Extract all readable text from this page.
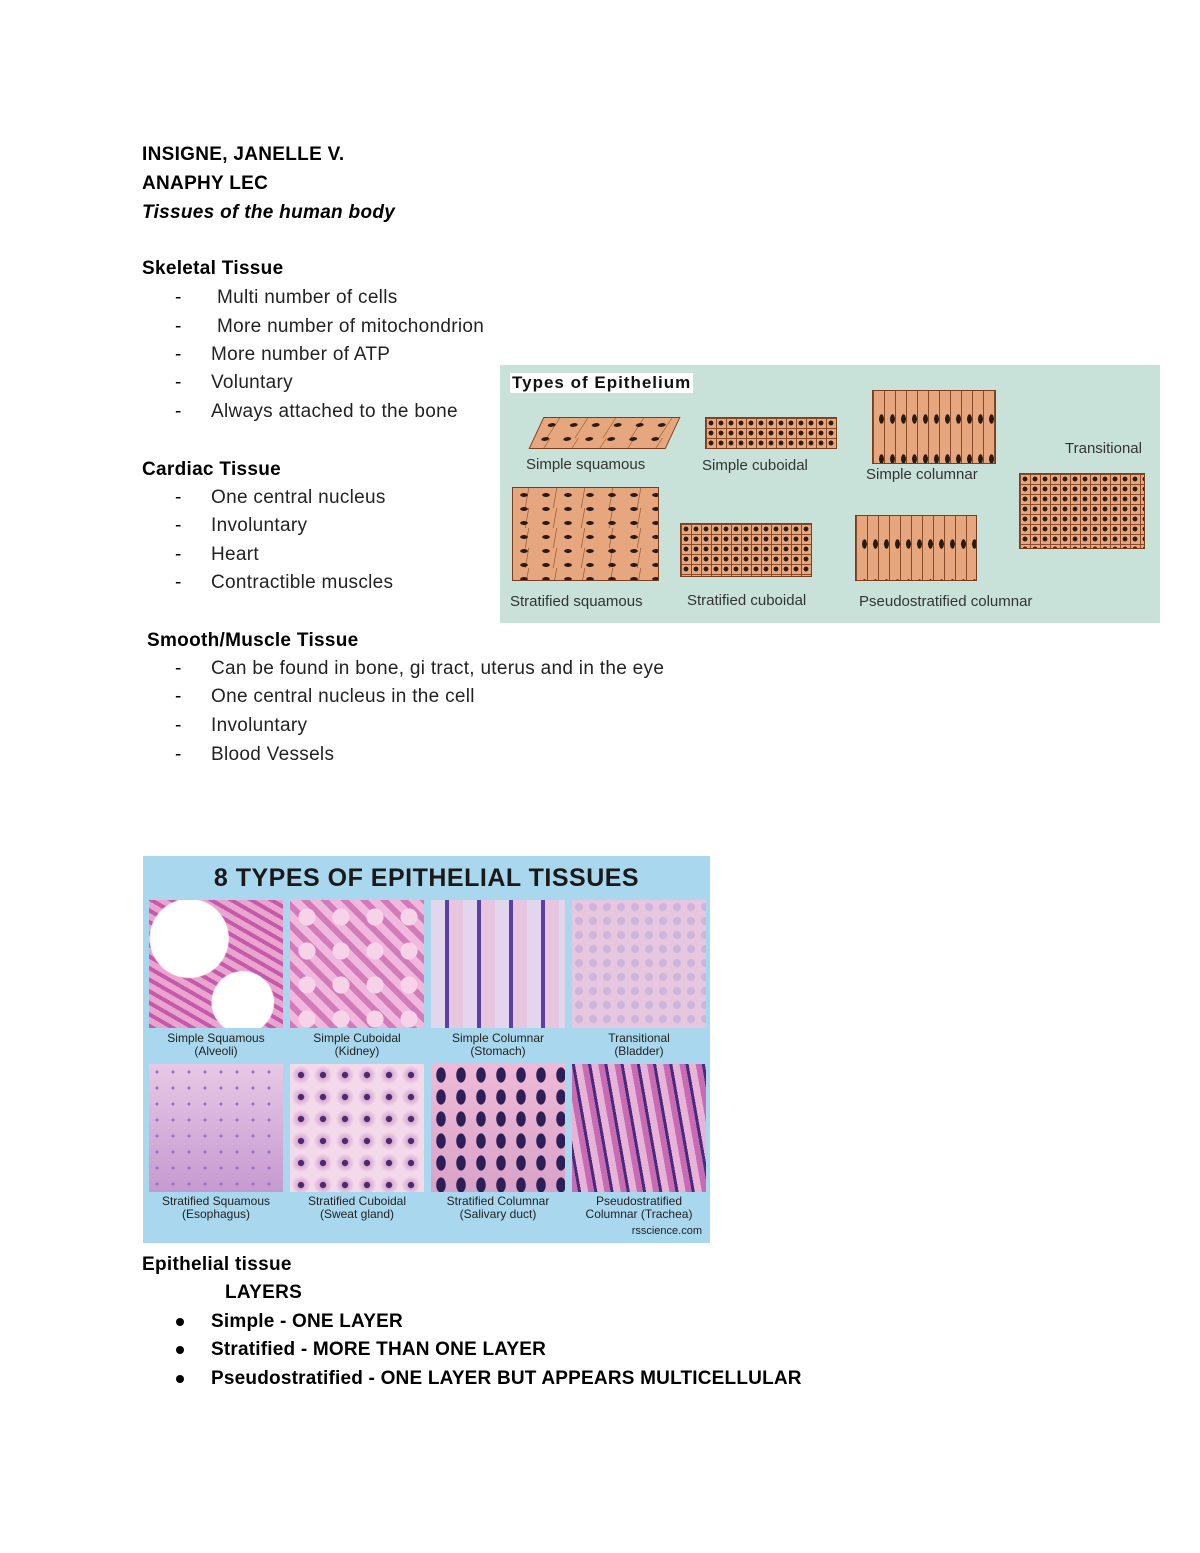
INSIGNE, JANELLE V.
ANAPHY LEC
Tissues of the human body
Skeletal Tissue
- Multi number of cells
- More number of mitochondrion
- More number of ATP
- Voluntary
- Always attached to the bone
Cardiac Tissue
- One central nucleus
- Involuntary
- Heart
- Contractible muscles
Smooth/Muscle Tissue
- Can be found in bone, gi tract, uterus and in the eye
- One central nucleus in the cell
- Involuntary
- Blood Vessels
Types of Epithelium
Simple squamous	Simple cuboidal
Simple columnar
Transitional
Stratified squamous	Stratified cuboidal	Pseudostratified columnar
8 TYPES OF EPITHELIAL TISSUES
Simple Squamous
(Alveoli)
Simple Cuboidal
(Kidney)
Simple Columnar
(Stomach)
Transitional
(Bladder)
Stratified Squamous
(Esophagus)
Stratified Cuboidal
(Sweat gland)
Stratified Columnar
(Salivary duct)
Pseudostratified
Columnar (Trachea)
rsscience.com
Epithelial tissue
LAYERS
Simple - ONE LAYER
Stratified - MORE THAN ONE LAYER
Pseudostratified - ONE LAYER BUT APPEARS MULTICELLULAR
